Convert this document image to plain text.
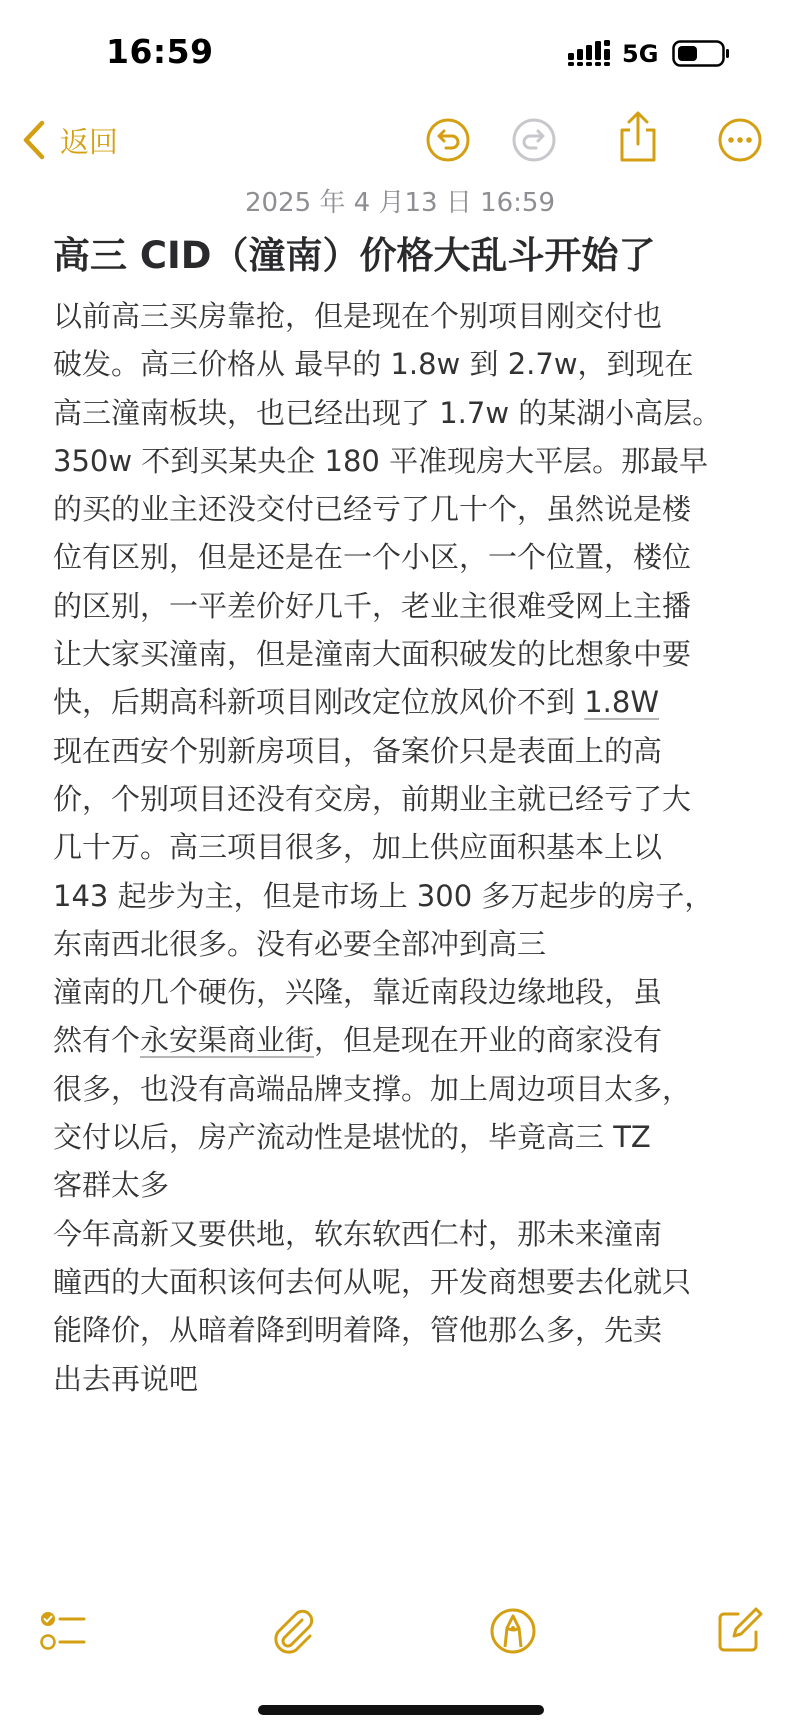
16:59	5G
返回
2025 年 4 月13 日 16:59
高三 CID（潼南）价格大乱斗开始了
以前高三买房靠抢，但是现在个别项目刚交付也
破发。高三价格从 最早的 1.8w 到 2.7w，到现在
高三潼南板块，也已经出现了 1.7w 的某湖小高层。
350w 不到买某央企 180 平准现房大平层。那最早
的买的业主还没交付已经亏了几十个，虽然说是楼
位有区别，但是还是在一个小区，一个位置，楼位
的区别，一平差价好几千，老业主很难受网上主播
让大家买潼南，但是潼南大面积破发的比想象中要
快，后期高科新项目刚改定位放风价不到 1.8W
现在西安个别新房项目，备案价只是表面上的高
价，个别项目还没有交房，前期业主就已经亏了大
几十万。高三项目很多，加上供应面积基本上以
143 起步为主，但是市场上 300 多万起步的房子，
东南西北很多。没有必要全部冲到高三
潼南的几个硬伤，兴隆，靠近南段边缘地段，虽
然有个永安渠商业街，但是现在开业的商家没有
很多，也没有高端品牌支撑。加上周边项目太多，
交付以后，房产流动性是堪忧的，毕竟高三 TZ
客群太多
今年高新又要供地，软东软西仁村，那未来潼南
瞳西的大面积该何去何从呢，开发商想要去化就只
能降价，从暗着降到明着降，管他那么多，先卖
出去再说吧
